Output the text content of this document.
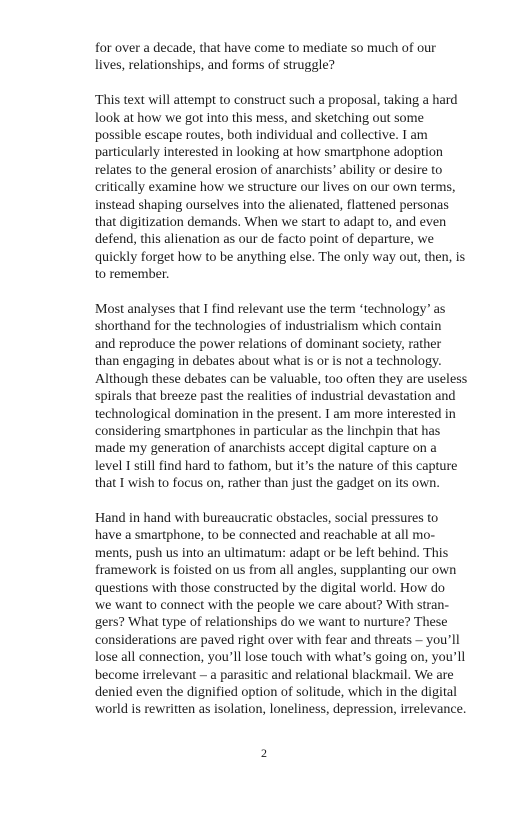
for over a decade, that have come to mediate so much of our
lives, relationships, and forms of struggle?

This text will attempt to construct such a proposal, taking a hard
look at how we got into this mess, and sketching out some
possible escape routes, both individual and collective. I am
particularly interested in looking at how smartphone adoption
relates to the general erosion of anarchists’ ability or desire to
critically examine how we structure our lives on our own terms,
instead shaping ourselves into the alienated, flattened personas
that digitization demands. When we start to adapt to, and even
defend, this alienation as our de facto point of departure, we
quickly forget how to be anything else. The only way out, then, is
to remember.

Most analyses that I find relevant use the term ‘technology’ as
shorthand for the technologies of industrialism which contain
and reproduce the power relations of dominant society, rather
than engaging in debates about what is or is not a technology.
Although these debates can be valuable, too often they are useless
spirals that breeze past the realities of industrial devastation and
technological domination in the present. I am more interested in
considering smartphones in particular as the linchpin that has
made my generation of anarchists accept digital capture on a
level I still find hard to fathom, but it’s the nature of this capture
that I wish to focus on, rather than just the gadget on its own.

Hand in hand with bureaucratic obstacles, social pressures to
have a smartphone, to be connected and reachable at all mo-
ments, push us into an ultimatum: adapt or be left behind. This
framework is foisted on us from all angles, supplanting our own
questions with those constructed by the digital world. How do
we want to connect with the people we care about? With stran-
gers? What type of relationships do we want to nurture? These
considerations are paved right over with fear and threats – you’ll
lose all connection, you’ll lose touch with what’s going on, you’ll
become irrelevant – a parasitic and relational blackmail. We are
denied even the dignified option of solitude, which in the digital
world is rewritten as isolation, loneliness, depression, irrelevance.

2
